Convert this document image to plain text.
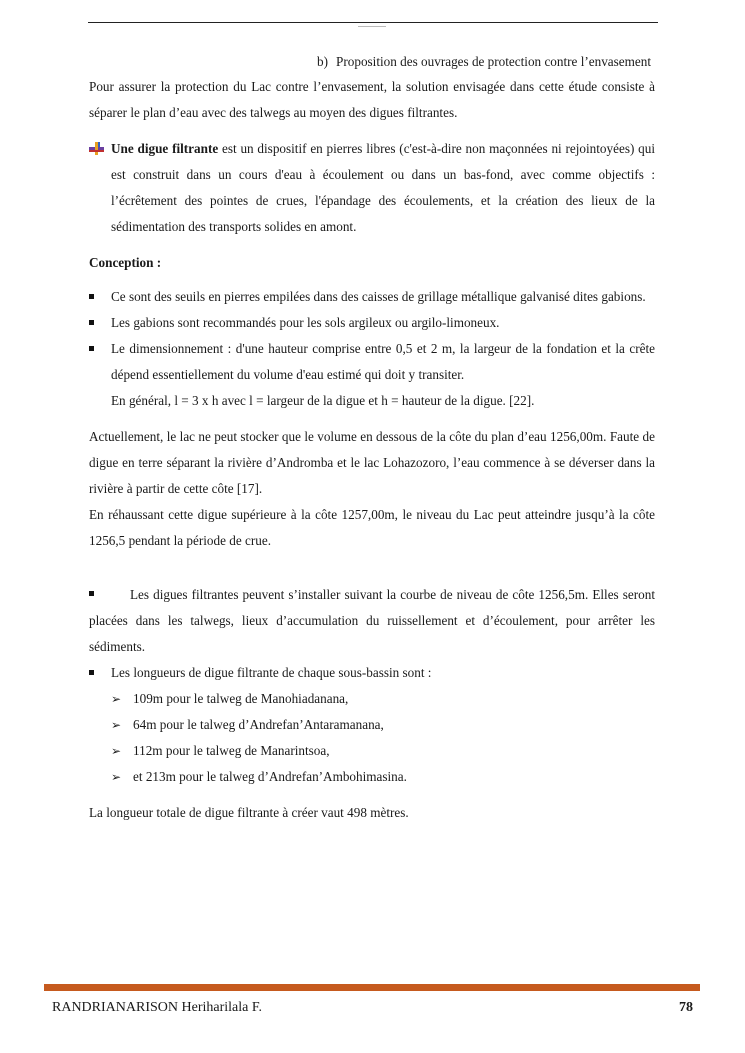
b) Proposition des ouvrages de protection contre l’envasement

Pour assurer la protection du Lac contre l’envasement, la solution envisagée dans cette étude consiste à séparer le plan d’eau avec des talwegs au moyen des digues filtrantes.

Une digue filtrante est un dispositif en pierres libres (c'est-à-dire non maçonnées ni rejointoyées) qui est construit dans un cours d'eau à écoulement ou dans un bas-fond, avec comme objectifs : l’écrêtement des pointes de crues, l'épandage des écoulements, et la création des lieux de la sédimentation des transports solides en amont.
Conception :
Ce sont des seuils en pierres empilées dans des caisses de grillage métallique galvanisé dites gabions.
Les gabions sont recommandés pour les sols argileux ou argilo-limoneux.
Le dimensionnement : d'une hauteur comprise entre 0,5 et 2 m, la largeur de la fondation et la crête dépend essentiellement du volume d'eau estimé qui doit y transiter.
En général, l = 3 x h avec l = largeur de la digue et h = hauteur de la digue. [22].

Actuellement, le lac ne peut stocker que le volume en dessous de la côte du plan d’eau 1256,00m. Faute de digue en terre séparant la rivière d’Andromba et le lac Lohazozoro, l’eau commence à se déverser dans la rivière à partir de cette côte [17].

En réhaussant cette digue supérieure à la côte 1257,00m, le niveau du Lac peut atteindre jusqu’à la côte 1256,5 pendant la période de crue.

Les digues filtrantes peuvent s’installer suivant la courbe de niveau de côte 1256,5m. Elles seront placées dans les talwegs, lieux d’accumulation du ruissellement et d’écoulement, pour arrêter les sédiments.

Les longueurs de digue filtrante de chaque sous-bassin sont :
➢ 109m pour le talweg de Manohiadanana,
➢ 64m pour le talweg d’Andrefan’Antaramanana,
➢ 112m pour le talweg de Manarintsoa,
➢ et 213m pour le talweg d’Andrefan’Ambohimasina.

La longueur totale de digue filtrante à créer vaut 498 mètres.

RANDRIANARISON Heriharilala F.	78
